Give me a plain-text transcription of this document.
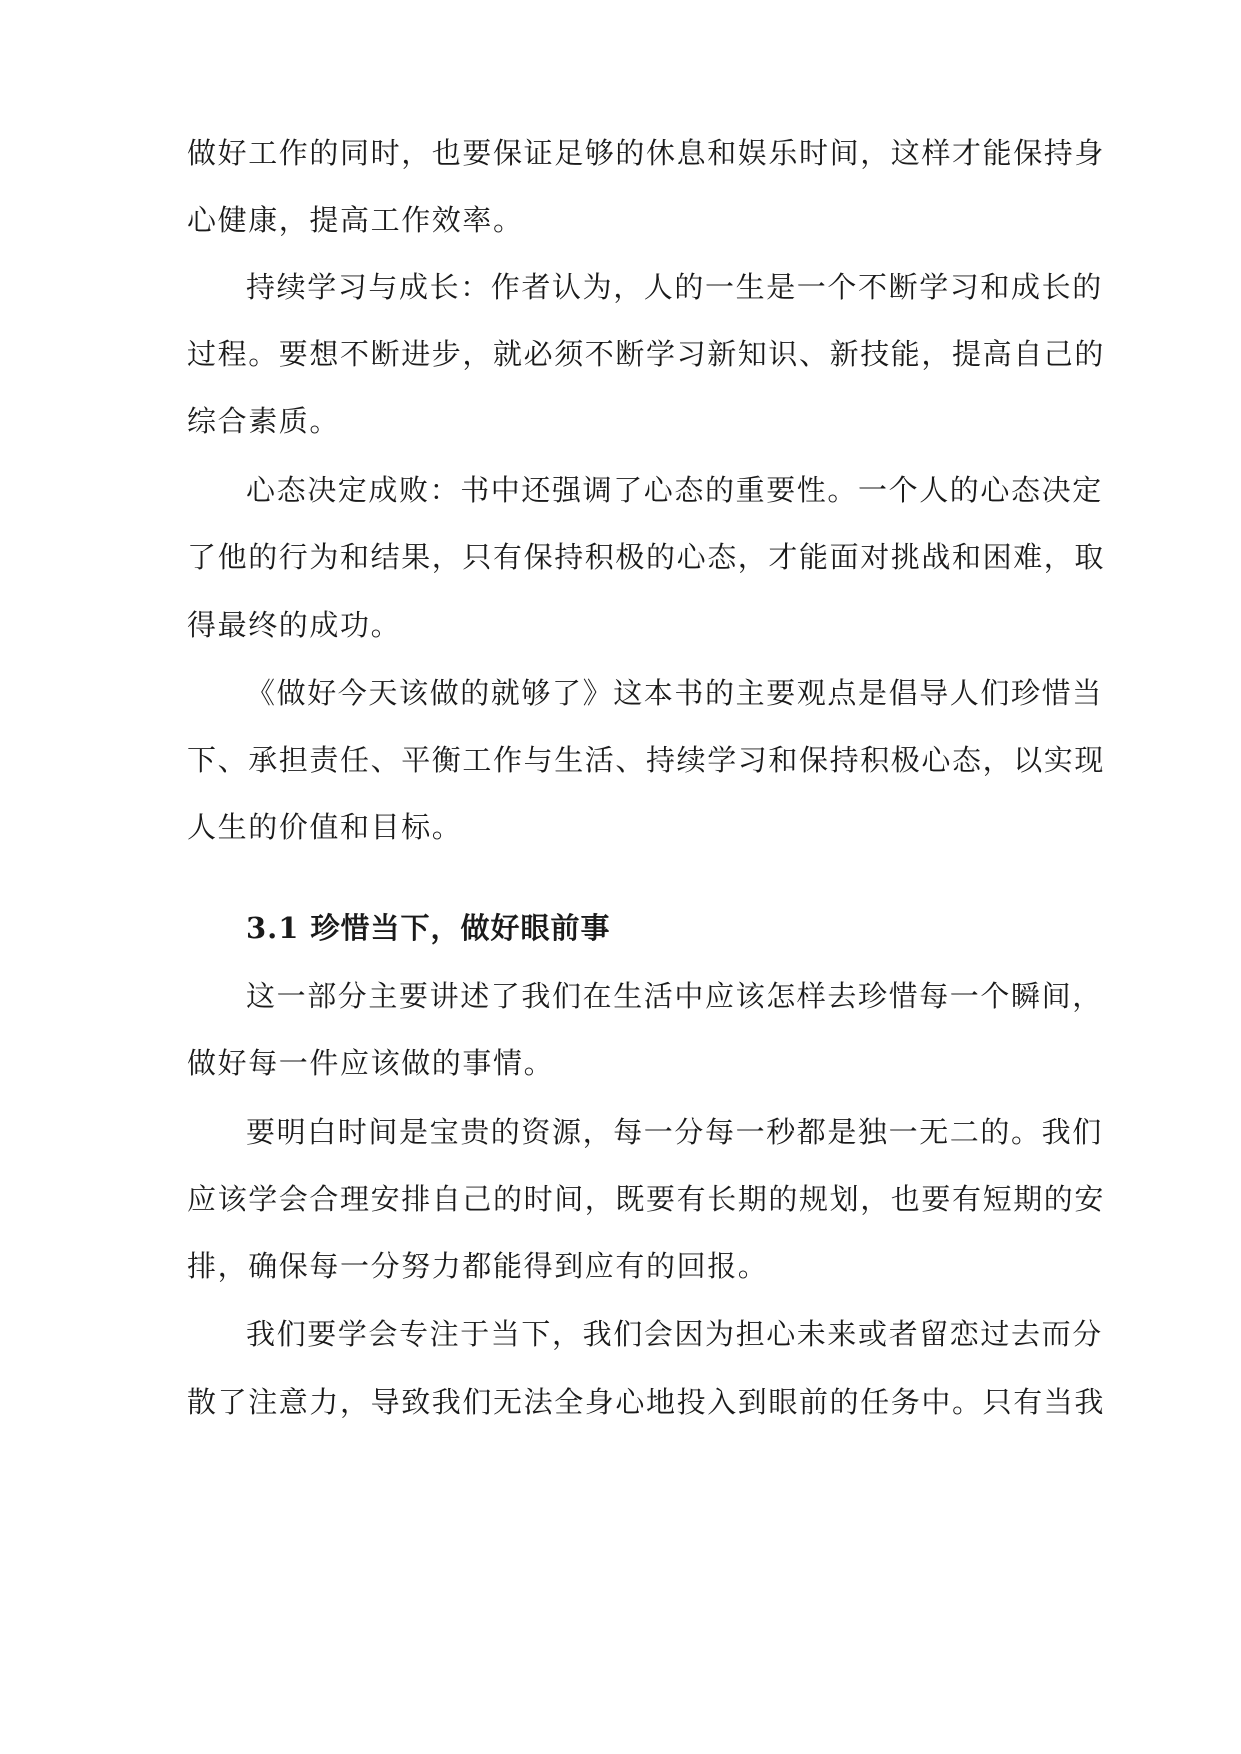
做好工作的同时，也要保证足够的休息和娱乐时间，这样才能保持身
心健康，提高工作效率。
持续学习与成长：作者认为，人的一生是一个不断学习和成长的
过程。要想不断进步，就必须不断学习新知识、新技能，提高自己的
综合素质。
心态决定成败：书中还强调了心态的重要性。一个人的心态决定
了他的行为和结果，只有保持积极的心态，才能面对挑战和困难，取
得最终的成功。
《做好今天该做的就够了》这本书的主要观点是倡导人们珍惜当
下、承担责任、平衡工作与生活、持续学习和保持积极心态，以实现
人生的价值和目标。
3.1 珍惜当下，做好眼前事
这一部分主要讲述了我们在生活中应该怎样去珍惜每一个瞬间，
做好每一件应该做的事情。
要明白时间是宝贵的资源，每一分每一秒都是独一无二的。我们
应该学会合理安排自己的时间，既要有长期的规划，也要有短期的安
排，确保每一分努力都能得到应有的回报。
我们要学会专注于当下，我们会因为担心未来或者留恋过去而分
散了注意力，导致我们无法全身心地投入到眼前的任务中。只有当我
